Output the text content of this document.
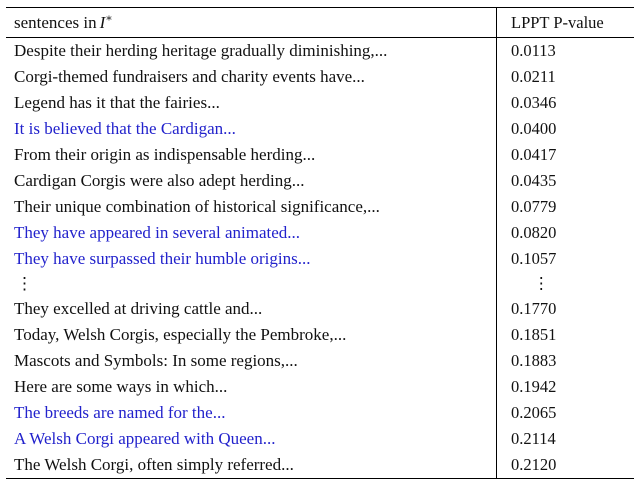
sentences in I∗	LPPT P-value
Despite their herding heritage gradually diminishing,...	0.0113
Corgi-themed fundraisers and charity events have...	0.0211
Legend has it that the fairies...	0.0346
It is believed that the Cardigan...	0.0400
From their origin as indispensable herding...	0.0417
Cardigan Corgis were also adept herding...	0.0435
Their unique combination of historical significance,...	0.0779
They have appeared in several animated...	0.0820
They have surpassed their humble origins...	0.1057
⋮	⋮
They excelled at driving cattle and...	0.1770
Today, Welsh Corgis, especially the Pembroke,...	0.1851
Mascots and Symbols: In some regions,...	0.1883
Here are some ways in which...	0.1942
The breeds are named for the...	0.2065
A Welsh Corgi appeared with Queen...	0.2114
The Welsh Corgi, often simply referred...	0.2120
